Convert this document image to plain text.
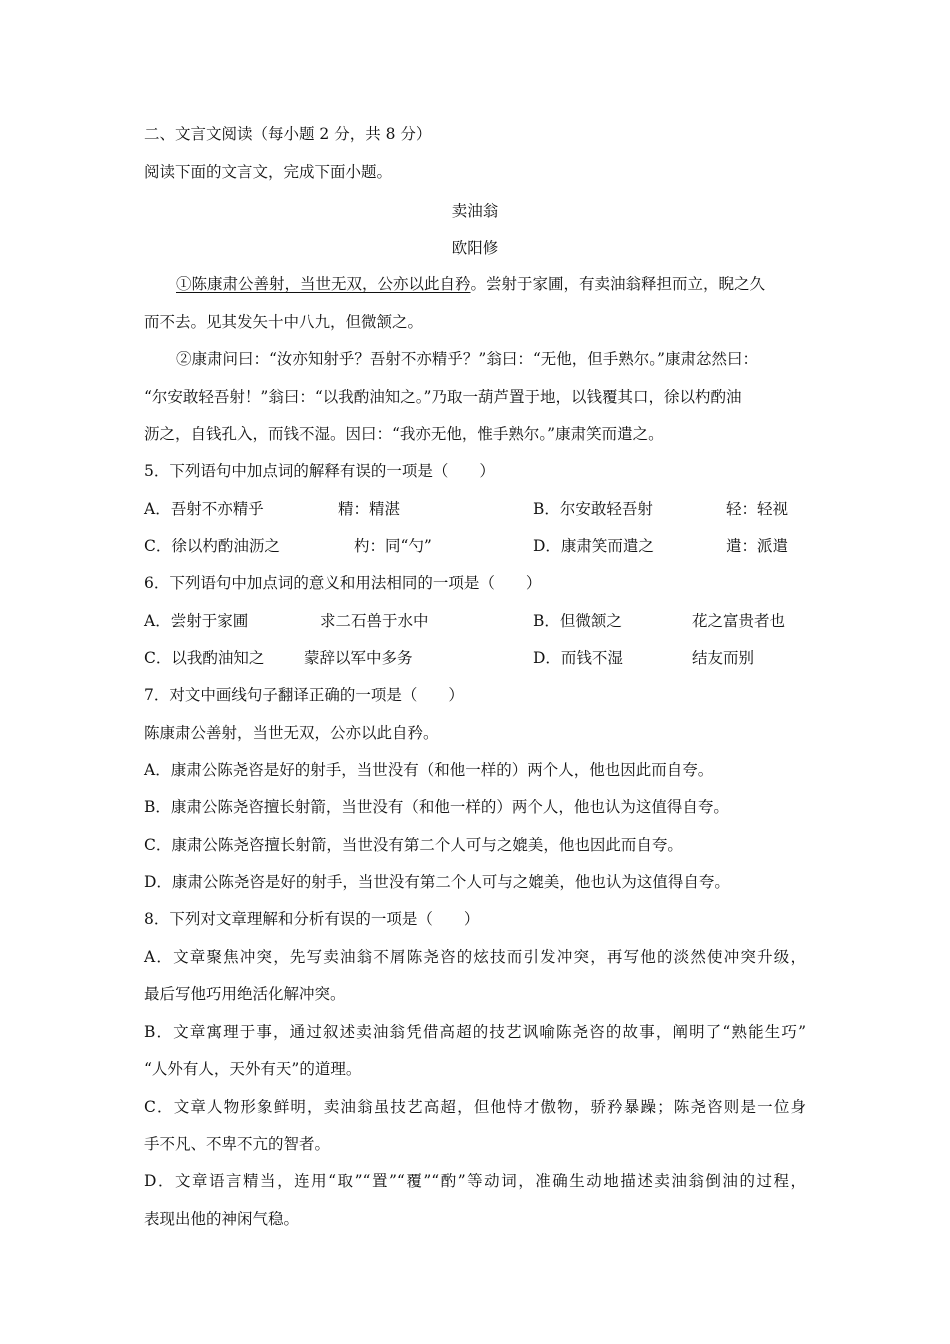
二、文言文阅读（每小题 2 分，共 8 分）
阅读下面的文言文，完成下面小题。
卖油翁
欧阳修
①陈康肃公善射，当世无双，公亦以此自矜。尝射于家圃，有卖油翁释担而立，睨之久
而不去。见其发矢十中八九，但微颔之。
②康肃问曰：“汝亦知射乎？吾射不亦精乎？”翁曰：“无他，但手熟尔。”康肃忿然曰：
“尔安敢轻吾射！”翁曰：“以我酌油知之。”乃取一葫芦置于地，以钱覆其口，徐以杓酌油
沥之，自钱孔入，而钱不湿。因曰：“我亦无他，惟手熟尔。”康肃笑而遣之。
5．下列语句中加点词的解释有误的一项是（　　）
A．吾射不亦精乎	精：精湛	B．尔安敢轻吾射	轻：轻视
C．徐以杓酌油沥之	杓：同“勺”	D．康肃笑而遣之	遣：派遣
6．下列语句中加点词的意义和用法相同的一项是（　　）
A．尝射于家圃	求二石兽于水中	B．但微颔之	花之富贵者也
C．以我酌油知之	蒙辞以军中多务	D．而钱不湿	结友而别
7．对文中画线句子翻译正确的一项是（　　）
陈康肃公善射，当世无双，公亦以此自矜。
A．康肃公陈尧咨是好的射手，当世没有（和他一样的）两个人，他也因此而自夸。
B．康肃公陈尧咨擅长射箭，当世没有（和他一样的）两个人，他也认为这值得自夸。
C．康肃公陈尧咨擅长射箭，当世没有第二个人可与之媲美，他也因此而自夸。
D．康肃公陈尧咨是好的射手，当世没有第二个人可与之媲美，他也认为这值得自夸。
8．下列对文章理解和分析有误的一项是（　　）
A．文章聚焦冲突，先写卖油翁不屑陈尧咨的炫技而引发冲突，再写他的淡然使冲突升级，
最后写他巧用绝活化解冲突。
B．文章寓理于事，通过叙述卖油翁凭借高超的技艺讽喻陈尧咨的故事，阐明了“熟能生巧”
“人外有人，天外有天”的道理。
C．文章人物形象鲜明，卖油翁虽技艺高超，但他恃才傲物，骄矜暴躁；陈尧咨则是一位身
手不凡、不卑不亢的智者。
D．文章语言精当，连用“取”“置”“覆”“酌”等动词，准确生动地描述卖油翁倒油的过程，
表现出他的神闲气稳。
